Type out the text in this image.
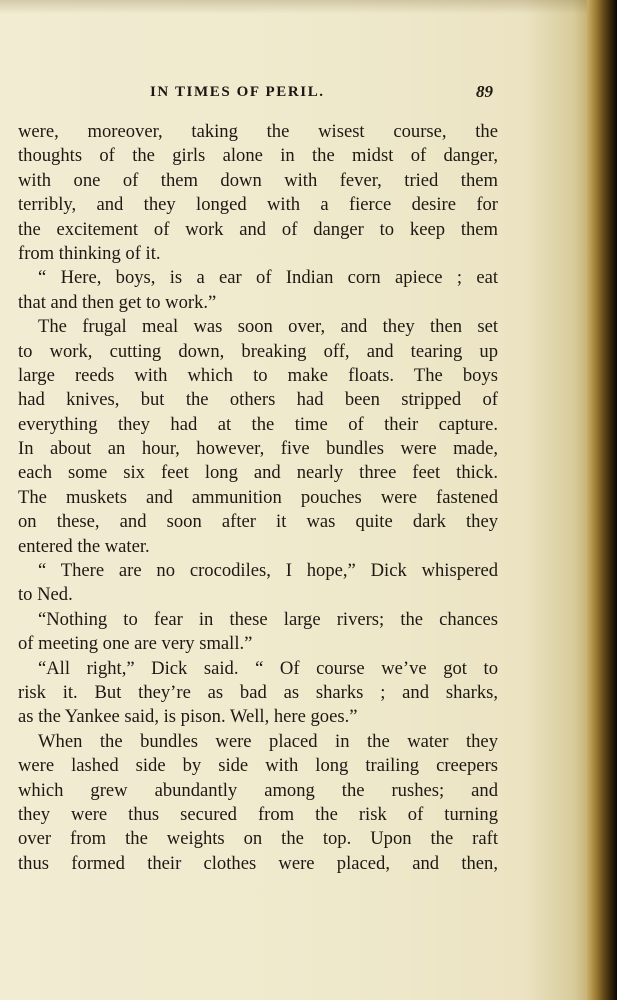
IN TIMES OF PERIL.	89
were, moreover, taking the wisest course, the
thoughts of the girls alone in the midst of danger,
with one of them down with fever, tried them
terribly, and they longed with a fierce desire for
the excitement of work and of danger to keep them
from thinking of it.
“ Here, boys, is a ear of Indian corn apiece ; eat
that and then get to work.”
The frugal meal was soon over, and they then set
to work, cutting down, breaking off, and tearing up
large reeds with which to make floats. The boys
had knives, but the others had been stripped of
everything they had at the time of their capture.
In about an hour, however, five bundles were made,
each some six feet long and nearly three feet thick.
The muskets and ammunition pouches were fastened
on these, and soon after it was quite dark they
entered the water.
“ There are no crocodiles, I hope,” Dick whispered
to Ned.
“Nothing to fear in these large rivers; the chances
of meeting one are very small.”
“All right,” Dick said. “ Of course we’ve got to
risk it. But they’re as bad as sharks ; and sharks,
as the Yankee said, is pison. Well, here goes.”
When the bundles were placed in the water they
were lashed side by side with long trailing creepers
which grew abundantly among the rushes; and
they were thus secured from the risk of turning
over from the weights on the top. Upon the raft
thus formed their clothes were placed, and then,
